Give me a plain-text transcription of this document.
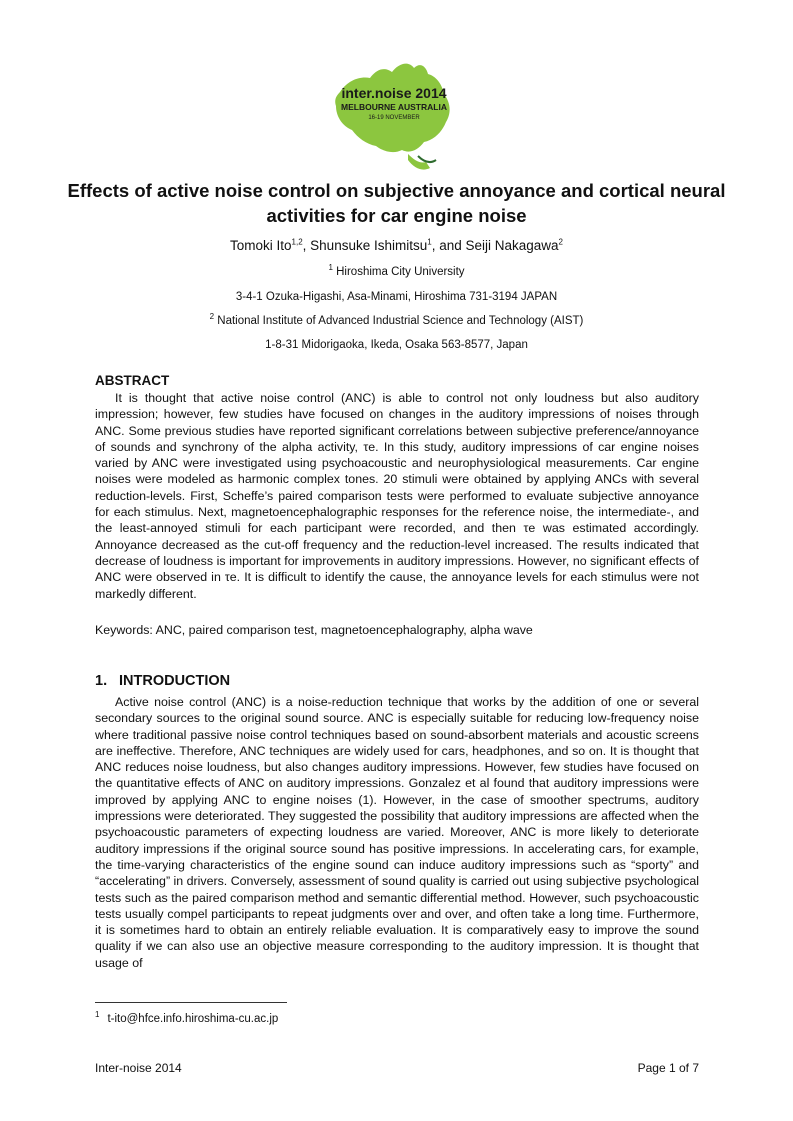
inter.noise 2014
MELBOURNE AUSTRALIA
16-19 NOVEMBER
Effects of active noise control on subjective annoyance and cortical neural activities for car engine noise
Tomoki Ito$^{1,2}$, Shunsuke Ishimitsu$^1$, and Seiji Nakagawa$^2$
$^1$ Hiroshima City University
3-4-1 Ozuka-Higashi, Asa-Minami, Hiroshima 731-3194 JAPAN
$^2$ National Institute of Advanced Industrial Science and Technology (AIST)
1-8-31 Midorigaoka, Ikeda, Osaka 563-8577, Japan
ABSTRACT

It is thought that active noise control (ANC) is able to control not only loudness but also auditory impression; however, few studies have focused on changes in the auditory impressions of noises through ANC. Some previous studies have reported significant correlations between subjective preference/annoyance of sounds and synchrony of the alpha activity, τe. In this study, auditory impressions of car engine noises varied by ANC were investigated using psychoacoustic and neurophysiological measurements. Car engine noises were modeled as harmonic complex tones. 20 stimuli were obtained by applying ANCs with several reduction-levels. First, Scheffe’s paired comparison tests were performed to evaluate subjective annoyance for each stimulus. Next, magnetoencephalographic responses for the reference noise, the intermediate-, and the least-annoyed stimuli for each participant were recorded, and then τe was estimated accordingly. Annoyance decreased as the cut-off frequency and the reduction-level increased. The results indicated that decrease of loudness is important for improvements in auditory impressions. However, no significant effects of ANC were observed in τe. It is difficult to identify the cause, the annoyance levels for each stimulus were not markedly different.

Keywords: ANC, paired comparison test, magnetoencephalography, alpha wave

1. INTRODUCTION

Active noise control (ANC) is a noise-reduction technique that works by the addition of one or several secondary sources to the original sound source. ANC is especially suitable for reducing low-frequency noise where traditional passive noise control techniques based on sound-absorbent materials and acoustic screens are ineffective. Therefore, ANC techniques are widely used for cars, headphones, and so on. It is thought that ANC reduces noise loudness, but also changes auditory impressions. However, few studies have focused on the quantitative effects of ANC on auditory impressions. Gonzalez et al found that auditory impressions were improved by applying ANC to engine noises (1). However, in the case of smoother spectrums, auditory impressions were deteriorated. They suggested the possibility that auditory impressions are affected when the psychoacoustic parameters of expecting loudness are varied. Moreover, ANC is more likely to deteriorate auditory impressions if the original source sound has positive impressions. In accelerating cars, for example, the time-varying characteristics of the engine sound can induce auditory impressions such as “sporty” and “accelerating” in drivers. Conversely, assessment of sound quality is carried out using subjective psychological tests such as the paired comparison method and semantic differential method. However, such psychoacoustic tests usually compel participants to repeat judgments over and over, and often take a long time. Furthermore, it is sometimes hard to obtain an entirely reliable evaluation. It is comparatively easy to improve the sound quality if we can also use an objective measure corresponding to the auditory impression. It is thought that usage of

$^1$ t-ito@hfce.info.hiroshima-cu.ac.jp
Inter-noise 2014	Page 1 of 7
